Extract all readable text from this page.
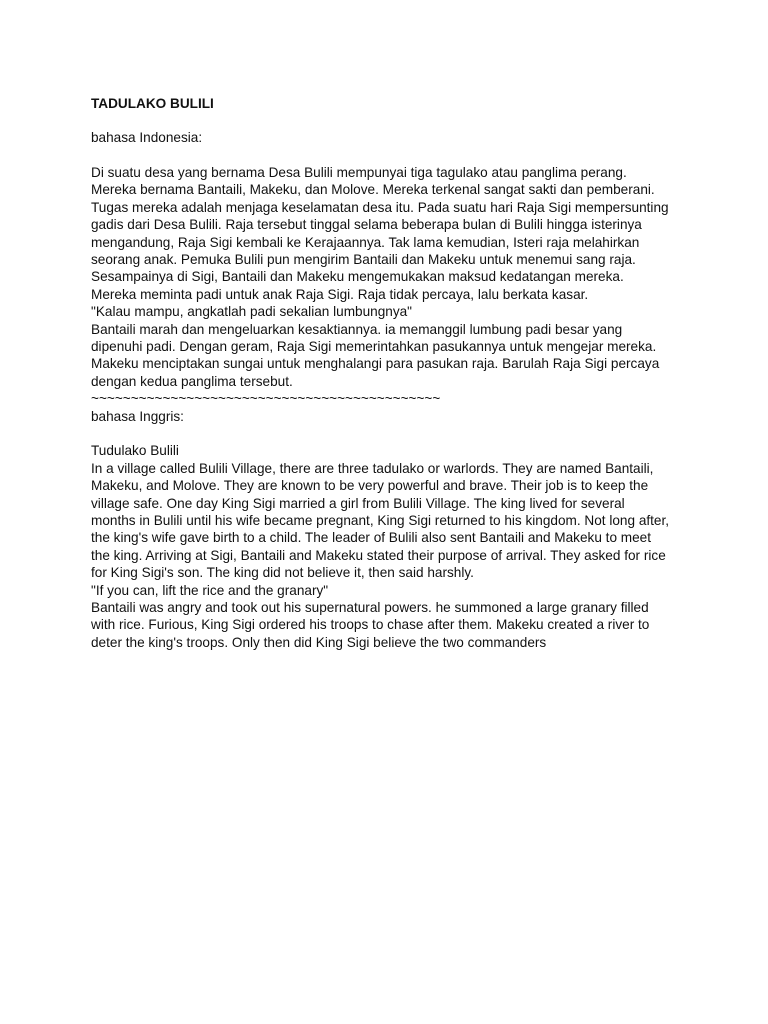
TADULAKO BULILI
bahasa Indonesia:
Di suatu desa yang bernama Desa Bulili mempunyai tiga tagulako atau panglima perang.
Mereka bernama Bantaili, Makeku, dan Molove. Mereka terkenal sangat sakti dan pemberani.
Tugas mereka adalah menjaga keselamatan desa itu. Pada suatu hari Raja Sigi mempersunting
gadis dari Desa Bulili. Raja tersebut tinggal selama beberapa bulan di Bulili hingga isterinya
mengandung, Raja Sigi kembali ke Kerajaannya. Tak lama kemudian, Isteri raja melahirkan
seorang anak. Pemuka Bulili pun mengirim Bantaili dan Makeku untuk menemui sang raja.
Sesampainya di Sigi, Bantaili dan Makeku mengemukakan maksud kedatangan mereka.
Mereka meminta padi untuk anak Raja Sigi. Raja tidak percaya, lalu berkata kasar.
"Kalau mampu, angkatlah padi sekalian lumbungnya"
Bantaili marah dan mengeluarkan kesaktiannya. ia memanggil lumbung padi besar yang
dipenuhi padi. Dengan geram, Raja Sigi memerintahkan pasukannya untuk mengejar mereka.
Makeku menciptakan sungai untuk menghalangi para pasukan raja. Barulah Raja Sigi percaya
dengan kedua panglima tersebut.
~~~~~~~~~~~~~~~~~~~~~~~~~~~~~~~~~~~~~~~~~~~~
bahasa Inggris:
Tudulako Bulili
In a village called Bulili Village, there are three tadulako or warlords. They are named Bantaili,
Makeku, and Molove. They are known to be very powerful and brave. Their job is to keep the
village safe. One day King Sigi married a girl from Bulili Village. The king lived for several
months in Bulili until his wife became pregnant, King Sigi returned to his kingdom. Not long after,
the king's wife gave birth to a child. The leader of Bulili also sent Bantaili and Makeku to meet
the king. Arriving at Sigi, Bantaili and Makeku stated their purpose of arrival. They asked for rice
for King Sigi's son. The king did not believe it, then said harshly.
"If you can, lift the rice and the granary"
Bantaili was angry and took out his supernatural powers. he summoned a large granary filled
with rice. Furious, King Sigi ordered his troops to chase after them. Makeku created a river to
deter the king's troops. Only then did King Sigi believe the two commanders
